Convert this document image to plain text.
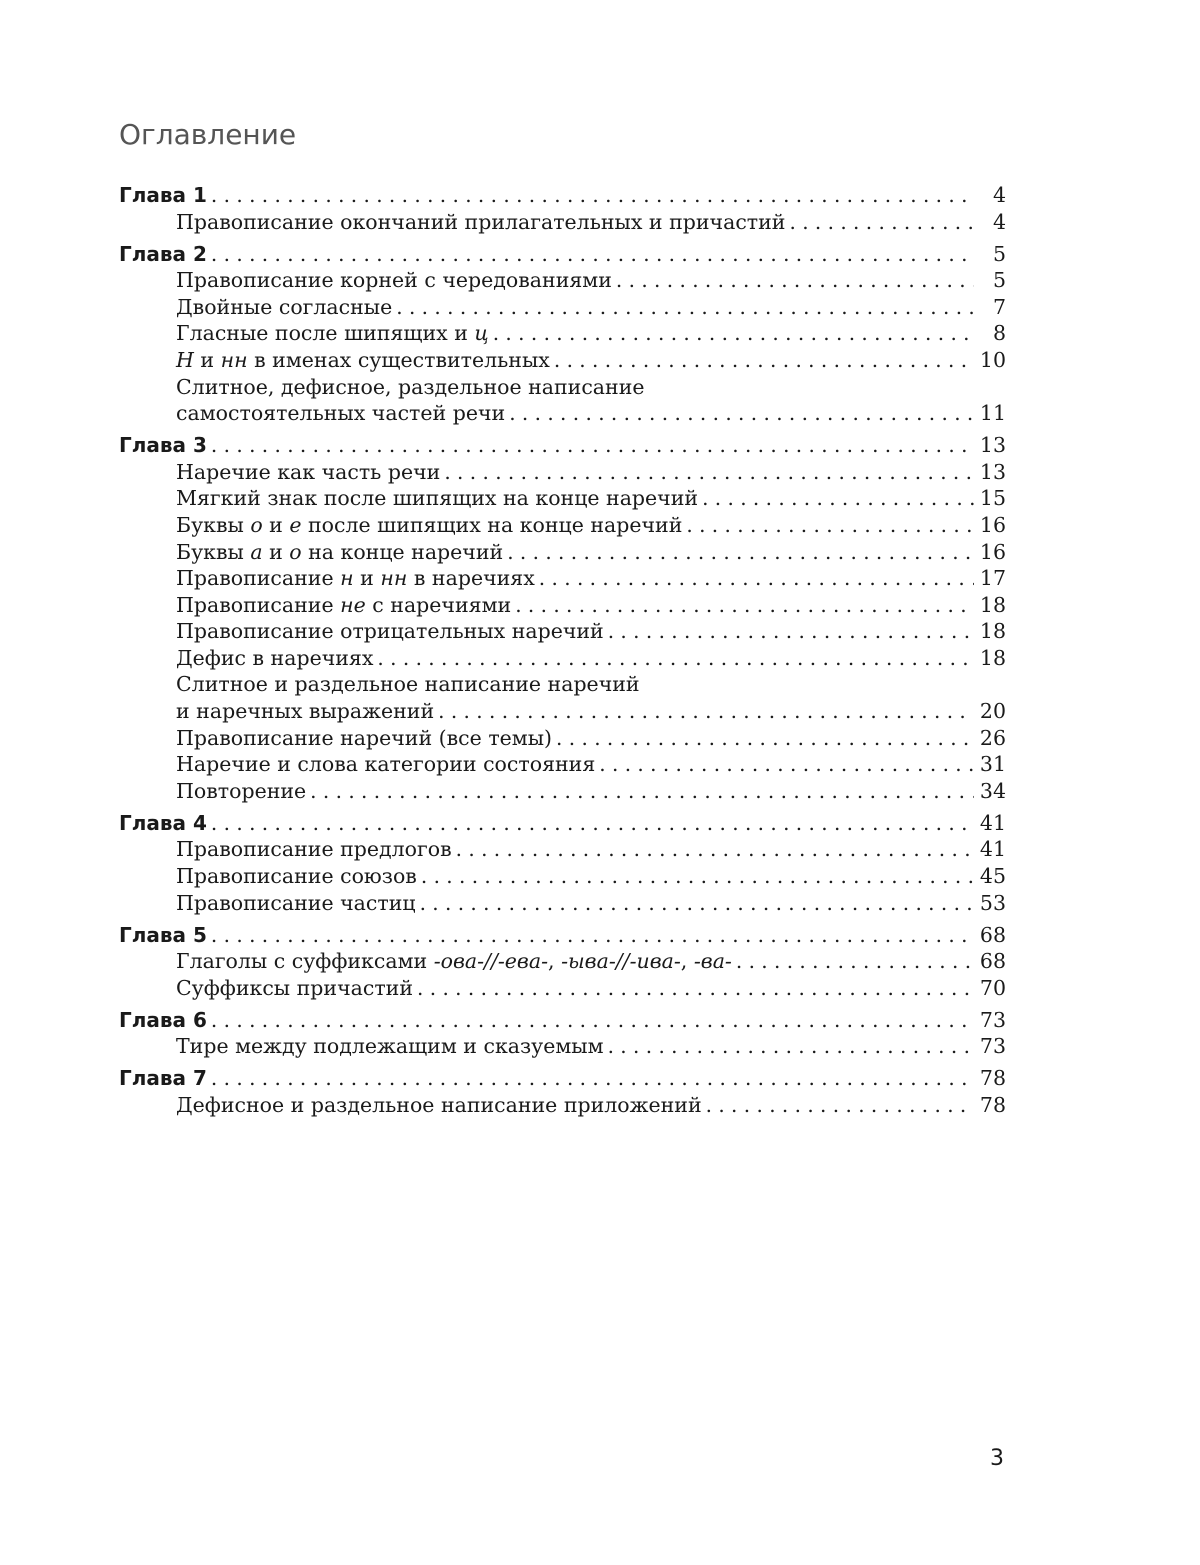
Оглавление
Глава 1 . . .	4
Правописание окончаний прилагательных и причастий . . .	4
Глава 2 . . .	5
Правописание корней с чередованиями . . .	5
Двойные согласные . . .	7
Гласные после шипящих и ц . . .	8
Н и нн в именах существительных . . .	10
Слитное, дефисное, раздельное написание
самостоятельных частей речи . . .	11
Глава 3 . . .	13
Наречие как часть речи . . .	13
Мягкий знак после шипящих на конце наречий . . .	15
Буквы о и е после шипящих на конце наречий . . .	16
Буквы а и о на конце наречий . . .	16
Правописание н и нн в наречиях . . .	17
Правописание не с наречиями . . .	18
Правописание отрицательных наречий . . .	18
Дефис в наречиях . . .	18
Слитное и раздельное написание наречий
и наречных выражений . . .	20
Правописание наречий (все темы) . . .	26
Наречие и слова категории состояния . . .	31
Повторение . . .	34
Глава 4 . . .	41
Правописание предлогов . . .	41
Правописание союзов . . .	45
Правописание частиц . . .	53
Глава 5 . . .	68
Глаголы с суффиксами -ова-//-ева-, -ыва-//-ива-, -ва- . . .	68
Суффиксы причастий . . .	70
Глава 6 . . .	73
Тире между подлежащим и сказуемым . . .	73
Глава 7 . . .	78
Дефисное и раздельное написание приложений . . .	78
3
